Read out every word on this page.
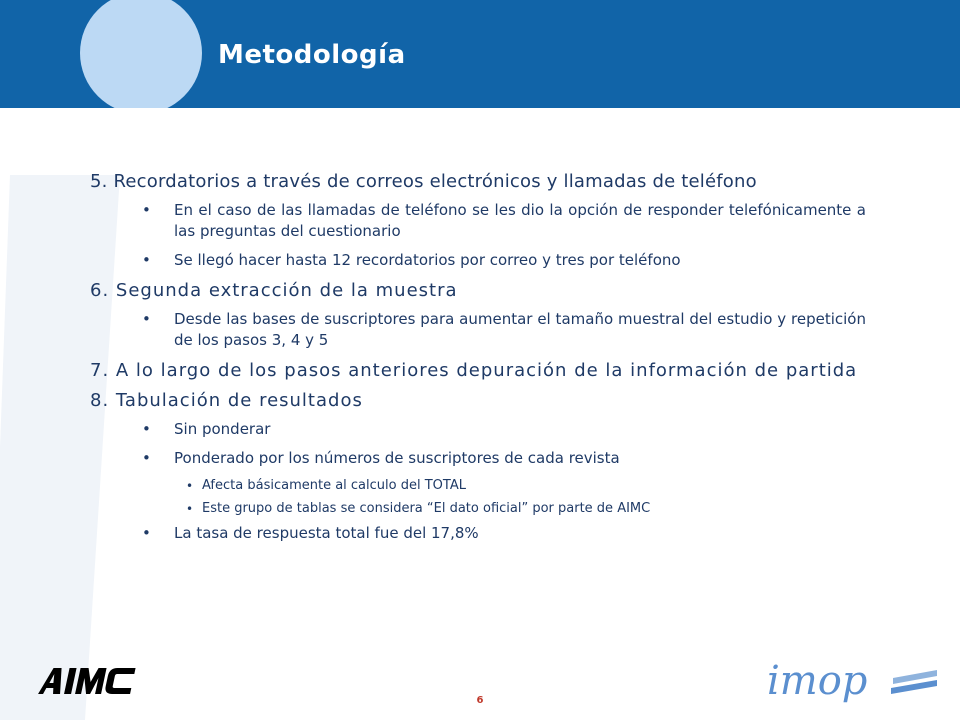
Metodología

5. Recordatorios a través de correos electrónicos y llamadas de teléfono

• En el caso de las llamadas de teléfono se les dio la opción de responder telefónicamente a las preguntas del cuestionario

• Se llegó hacer hasta 12 recordatorios por correo y tres por teléfono

6. Segunda extracción de la muestra

• Desde las bases de suscriptores para aumentar el tamaño muestral del estudio y repetición de los pasos 3, 4 y 5

7. A lo largo de los pasos anteriores depuración de la información de partida

8. Tabulación de resultados

• Sin ponderar

• Ponderado por los números de suscriptores de cada revista

• Afecta básicamente al calculo del TOTAL

• Este grupo de tablas se considera “El dato oficial” por parte de AIMC

• La tasa de respuesta total fue del 17,8%

6	imop
